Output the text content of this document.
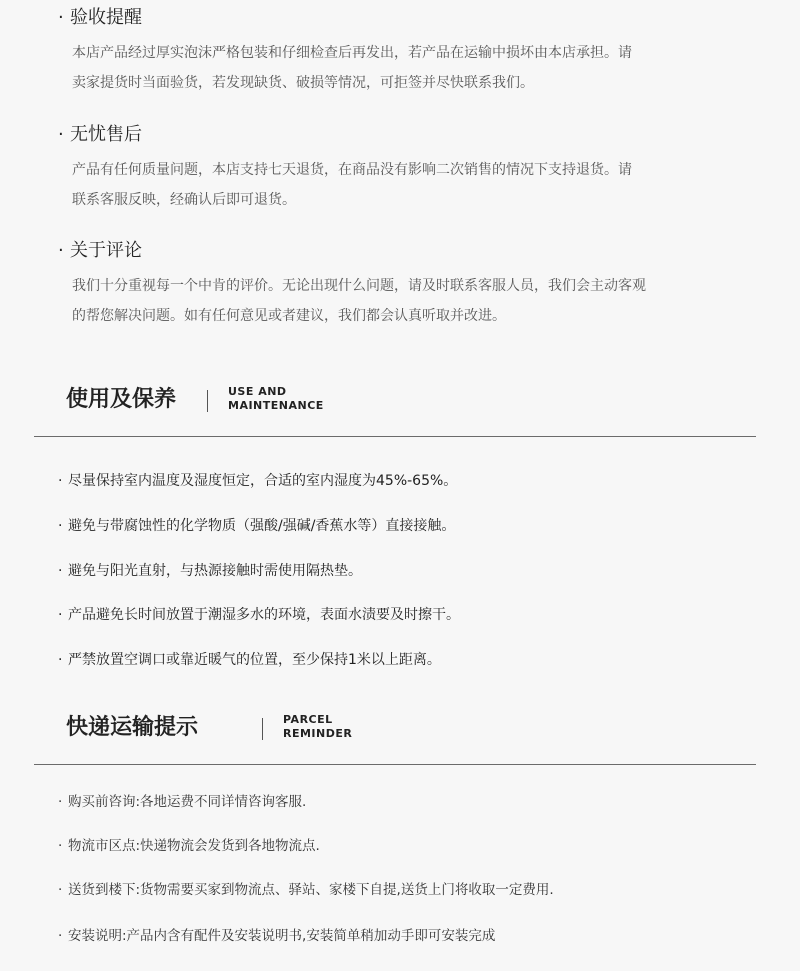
· 验收提醒
本店产品经过厚实泡沫严格包装和仔细检查后再发出，若产品在运输中损坏由本店承担。请
卖家提货时当面验货，若发现缺货、破损等情况，可拒签并尽快联系我们。
· 无忧售后
产品有任何质量问题，本店支持七天退货，在商品没有影响二次销售的情况下支持退货。请
联系客服反映，经确认后即可退货。
· 关于评论
我们十分重视每一个中肯的评价。无论出现什么问题，请及时联系客服人员，我们会主动客观
的帮您解决问题。如有任何意见或者建议，我们都会认真听取并改进。
使用及保养	USE AND
MAINTENANCE
· 尽量保持室内温度及湿度恒定，合适的室内湿度为45%-65%。
· 避免与带腐蚀性的化学物质（强酸/强碱/香蕉水等）直接接触。
· 避免与阳光直射，与热源接触时需使用隔热垫。
· 产品避免长时间放置于潮湿多水的环境，表面水渍要及时擦干。
· 严禁放置空调口或靠近暖气的位置，至少保持1米以上距离。
快递运输提示	PARCEL
REMINDER
· 购买前咨询:各地运费不同详情咨询客服.
· 物流市区点:快递物流会发货到各地物流点.
· 送货到楼下:货物需要买家到物流点、驿站、家楼下自提,送货上门将收取一定费用.
· 安装说明:产品内含有配件及安装说明书,安装简单稍加动手即可安装完成
